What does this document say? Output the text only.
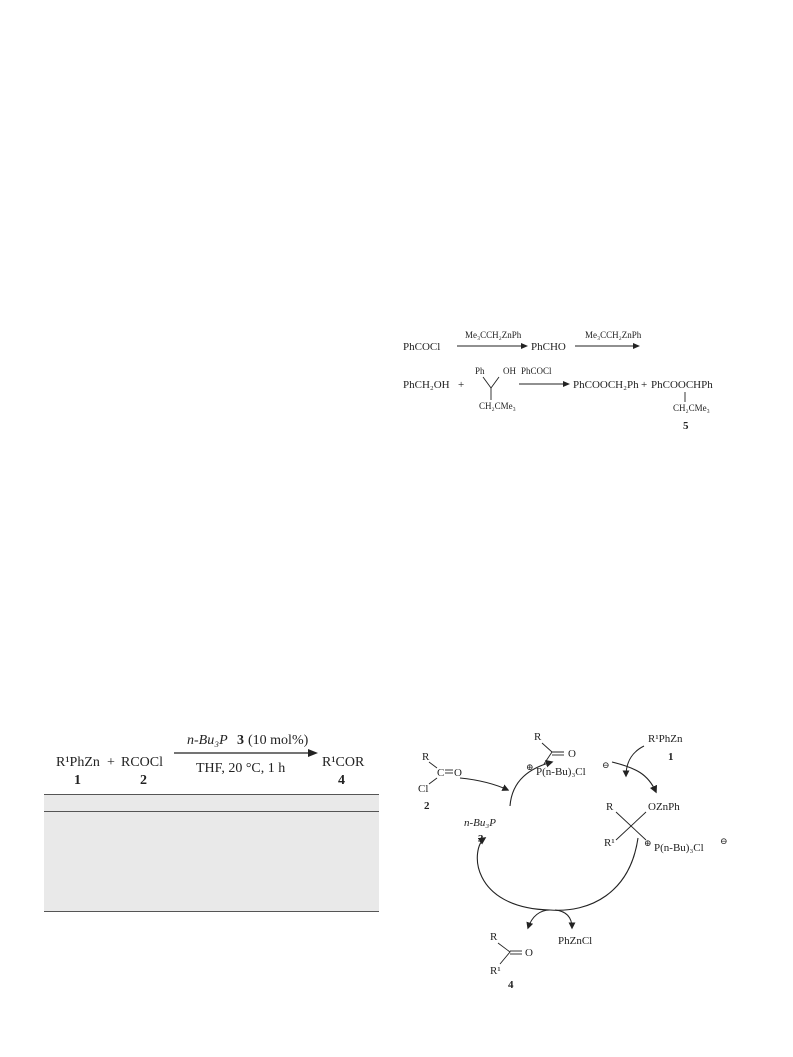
PhCOCl
Me₃CCH₂ZnPh
PhCHO
Me₃CCH₂ZnPh
PhCH₂OH +
Ph OH
CH₂CMe₃
PhCOCl
PhCOOCH₂Ph + PhCOOCHPh
CH₂CMe₃
5
R¹PhZn
1
+ RCOCl
2
n-Bu₃P 3 (10 mol%)
THF, 20 °C, 1 h	R¹COR
4
R
C O
Cl
2
n-Bu₃P
3
R
O
⊕ P(n-Bu)₃Cl
⊖
R¹PhZn
1
R	OZnPh
R¹	⊕ P(n-Bu)₃Cl
⊖
R
O
R¹
4
PhZnCl
